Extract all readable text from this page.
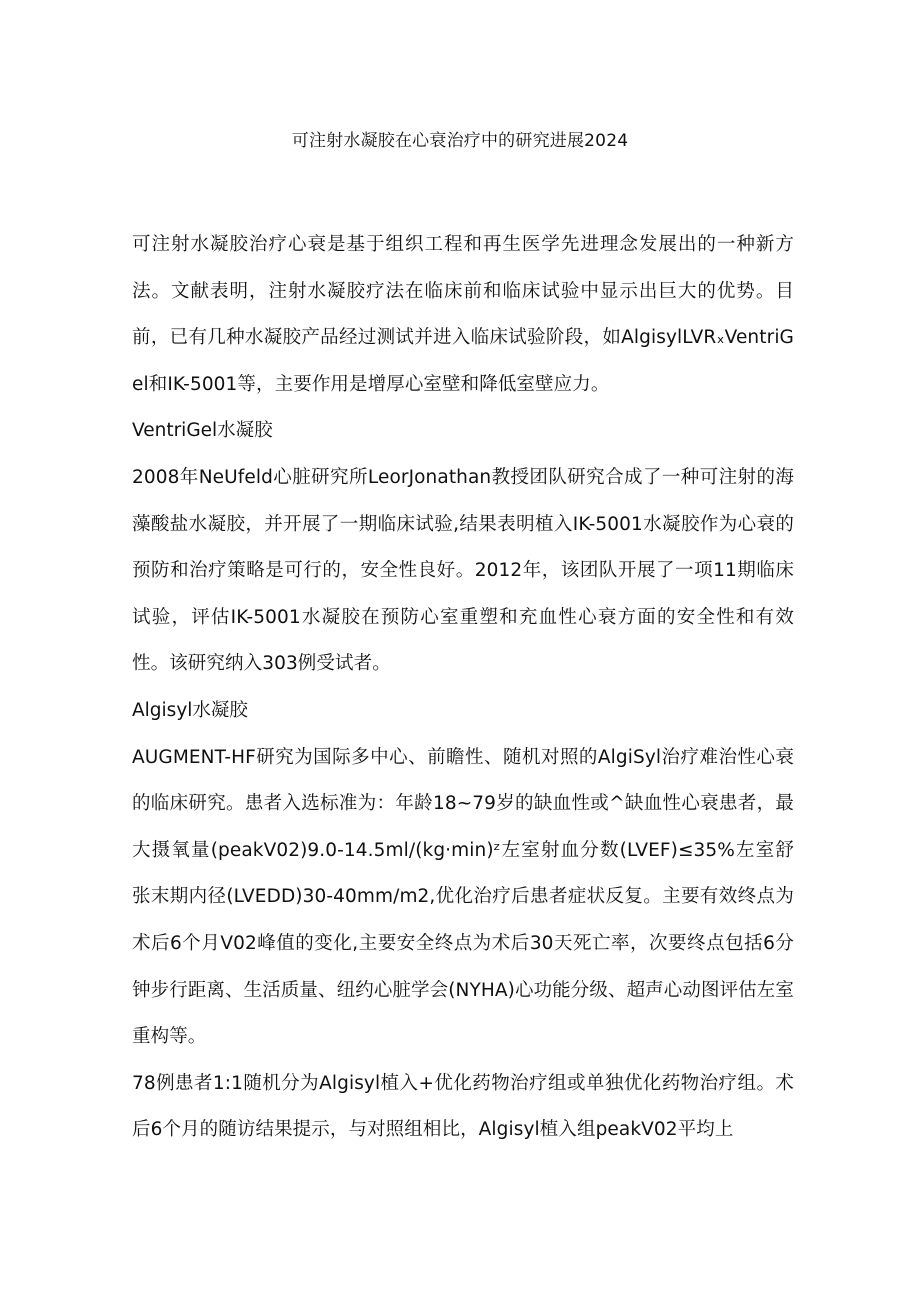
可注射水凝胶在心衰治疗中的研究进展2024

可注射水凝胶治疗心衰是基于组织工程和再生医学先进理念发展出的一种新方法。文献表明，注射水凝胶疗法在临床前和临床试验中显示出巨大的优势。目前，已有几种水凝胶产品经过测试并进入临床试验阶段，如AlgisylLVRₓVentriGel和IK-5001等，主要作用是增厚心室壁和降低室壁应力。

VentriGel水凝胶

2008年NeUfeld心脏研究所LeorJonathan教授团队研究合成了一种可注射的海藻酸盐水凝胶，并开展了一期临床试验,结果表明植入IK-5001水凝胶作为心衰的预防和治疗策略是可行的，安全性良好。2012年，该团队开展了一项11期临床试验，评估IK-5001水凝胶在预防心室重塑和充血性心衰方面的安全性和有效性。该研究纳入303例受试者。

Algisyl水凝胶

AUGMENT-HF研究为国际多中心、前瞻性、随机对照的AlgiSyl治疗难治性心衰的临床研究。患者入选标准为：年龄18~79岁的缺血性或^缺血性心衰患者，最大摄氧量(peakV02)9.0-14.5ml/(kg·min)ᶻ左室射血分数(LVEF)≤35%左室舒张末期内径(LVEDD)30-40mm∕m2,优化治疗后患者症状反复。主要有效终点为术后6个月V02峰值的变化,主要安全终点为术后30天死亡率，次要终点包括6分钟步行距离、生活质量、纽约心脏学会(NYHA)心功能分级、超声心动图评估左室重构等。

78例患者1:1随机分为Algisyl植入+优化药物治疗组或单独优化药物治疗组。术后6个月的随访结果提示，与对照组相比，Algisyl植入组peakV02平均上
